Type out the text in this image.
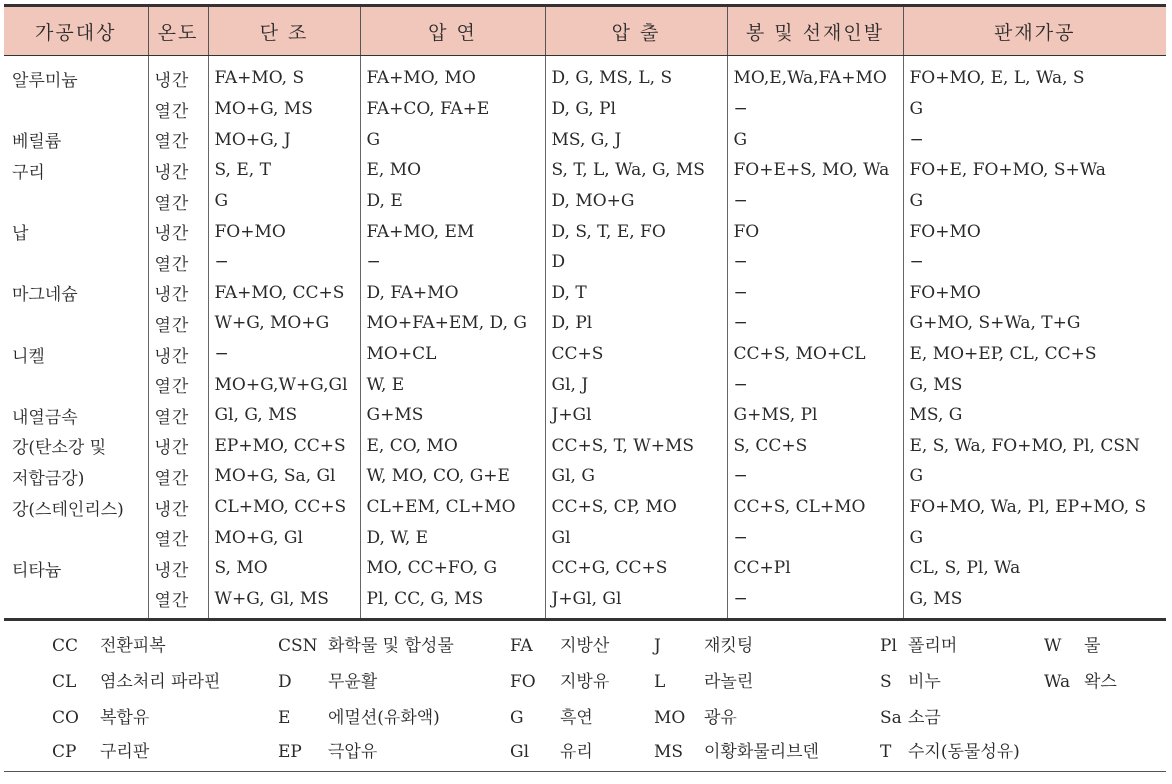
가공대상	온도	단 조	압 연	압 출	봉 및 선재인발	판재가공
알루미늄	냉간	FA+MO, S	FA+MO, MO	D, G, MS, L, S	MO,E,Wa,FA+MO	FO+MO, E, L, Wa, S
	열간	MO+G, MS	FA+CO, FA+E	D, G, Pl	−	G
베릴륨	열간	MO+G, J	G	MS, G, J	G	−
구리	냉간	S, E, T	E, MO	S, T, L, Wa, G, MS	FO+E+S, MO, Wa	FO+E, FO+MO, S+Wa
	열간	G	D, E	D, MO+G	−	G
납	냉간	FO+MO	FA+MO, EM	D, S, T, E, FO	FO	FO+MO
	열간	−	−	D	−	−
마그네슘	냉간	FA+MO, CC+S	D, FA+MO	D, T	−	FO+MO
	열간	W+G, MO+G	MO+FA+EM, D, G	D, Pl	−	G+MO, S+Wa, T+G
니켈	냉간	−	MO+CL	CC+S	CC+S, MO+CL	E, MO+EP, CL, CC+S
	열간	MO+G,W+G,Gl	W, E	Gl, J	−	G, MS
내열금속	열간	Gl, G, MS	G+MS	J+Gl	G+MS, Pl	MS, G
강(탄소강 및	냉간	EP+MO, CC+S	E, CO, MO	CC+S, T, W+MS	S, CC+S	E, S, Wa, FO+MO, Pl, CSN
저합금강)	열간	MO+G, Sa, Gl	W, MO, CO, G+E	Gl, G	−	G
강(스테인리스)	냉간	CL+MO, CC+S	CL+EM, CL+MO	CC+S, CP, MO	CC+S, CL+MO	FO+MO, Wa, Pl, EP+MO, S
	열간	MO+G, Gl	D, W, E	Gl	−	G
티타늄	냉간	S, MO	MO, CC+FO, G	CC+G, CC+S	CC+Pl	CL, S, Pl, Wa
	열간	W+G, Gl, MS	Pl, CC, G, MS	J+Gl, Gl	−	G, MS
CC 전환피복	CSN 화학물 및 합성물	FA 지방산	J	재킷팅	Pl 폴리머	W 물
CL 염소처리 파라핀	D 무윤활	FO 지방유	L 라놀린	S 비누	Wa 왁스
CO 복합유	E 에멀션(유화액)	G 흑연	MO 광유	Sa 소금
CP 구리판	EP 극압유	Gl 유리	MS 이황화물리브덴	T 수지(동물성유)
